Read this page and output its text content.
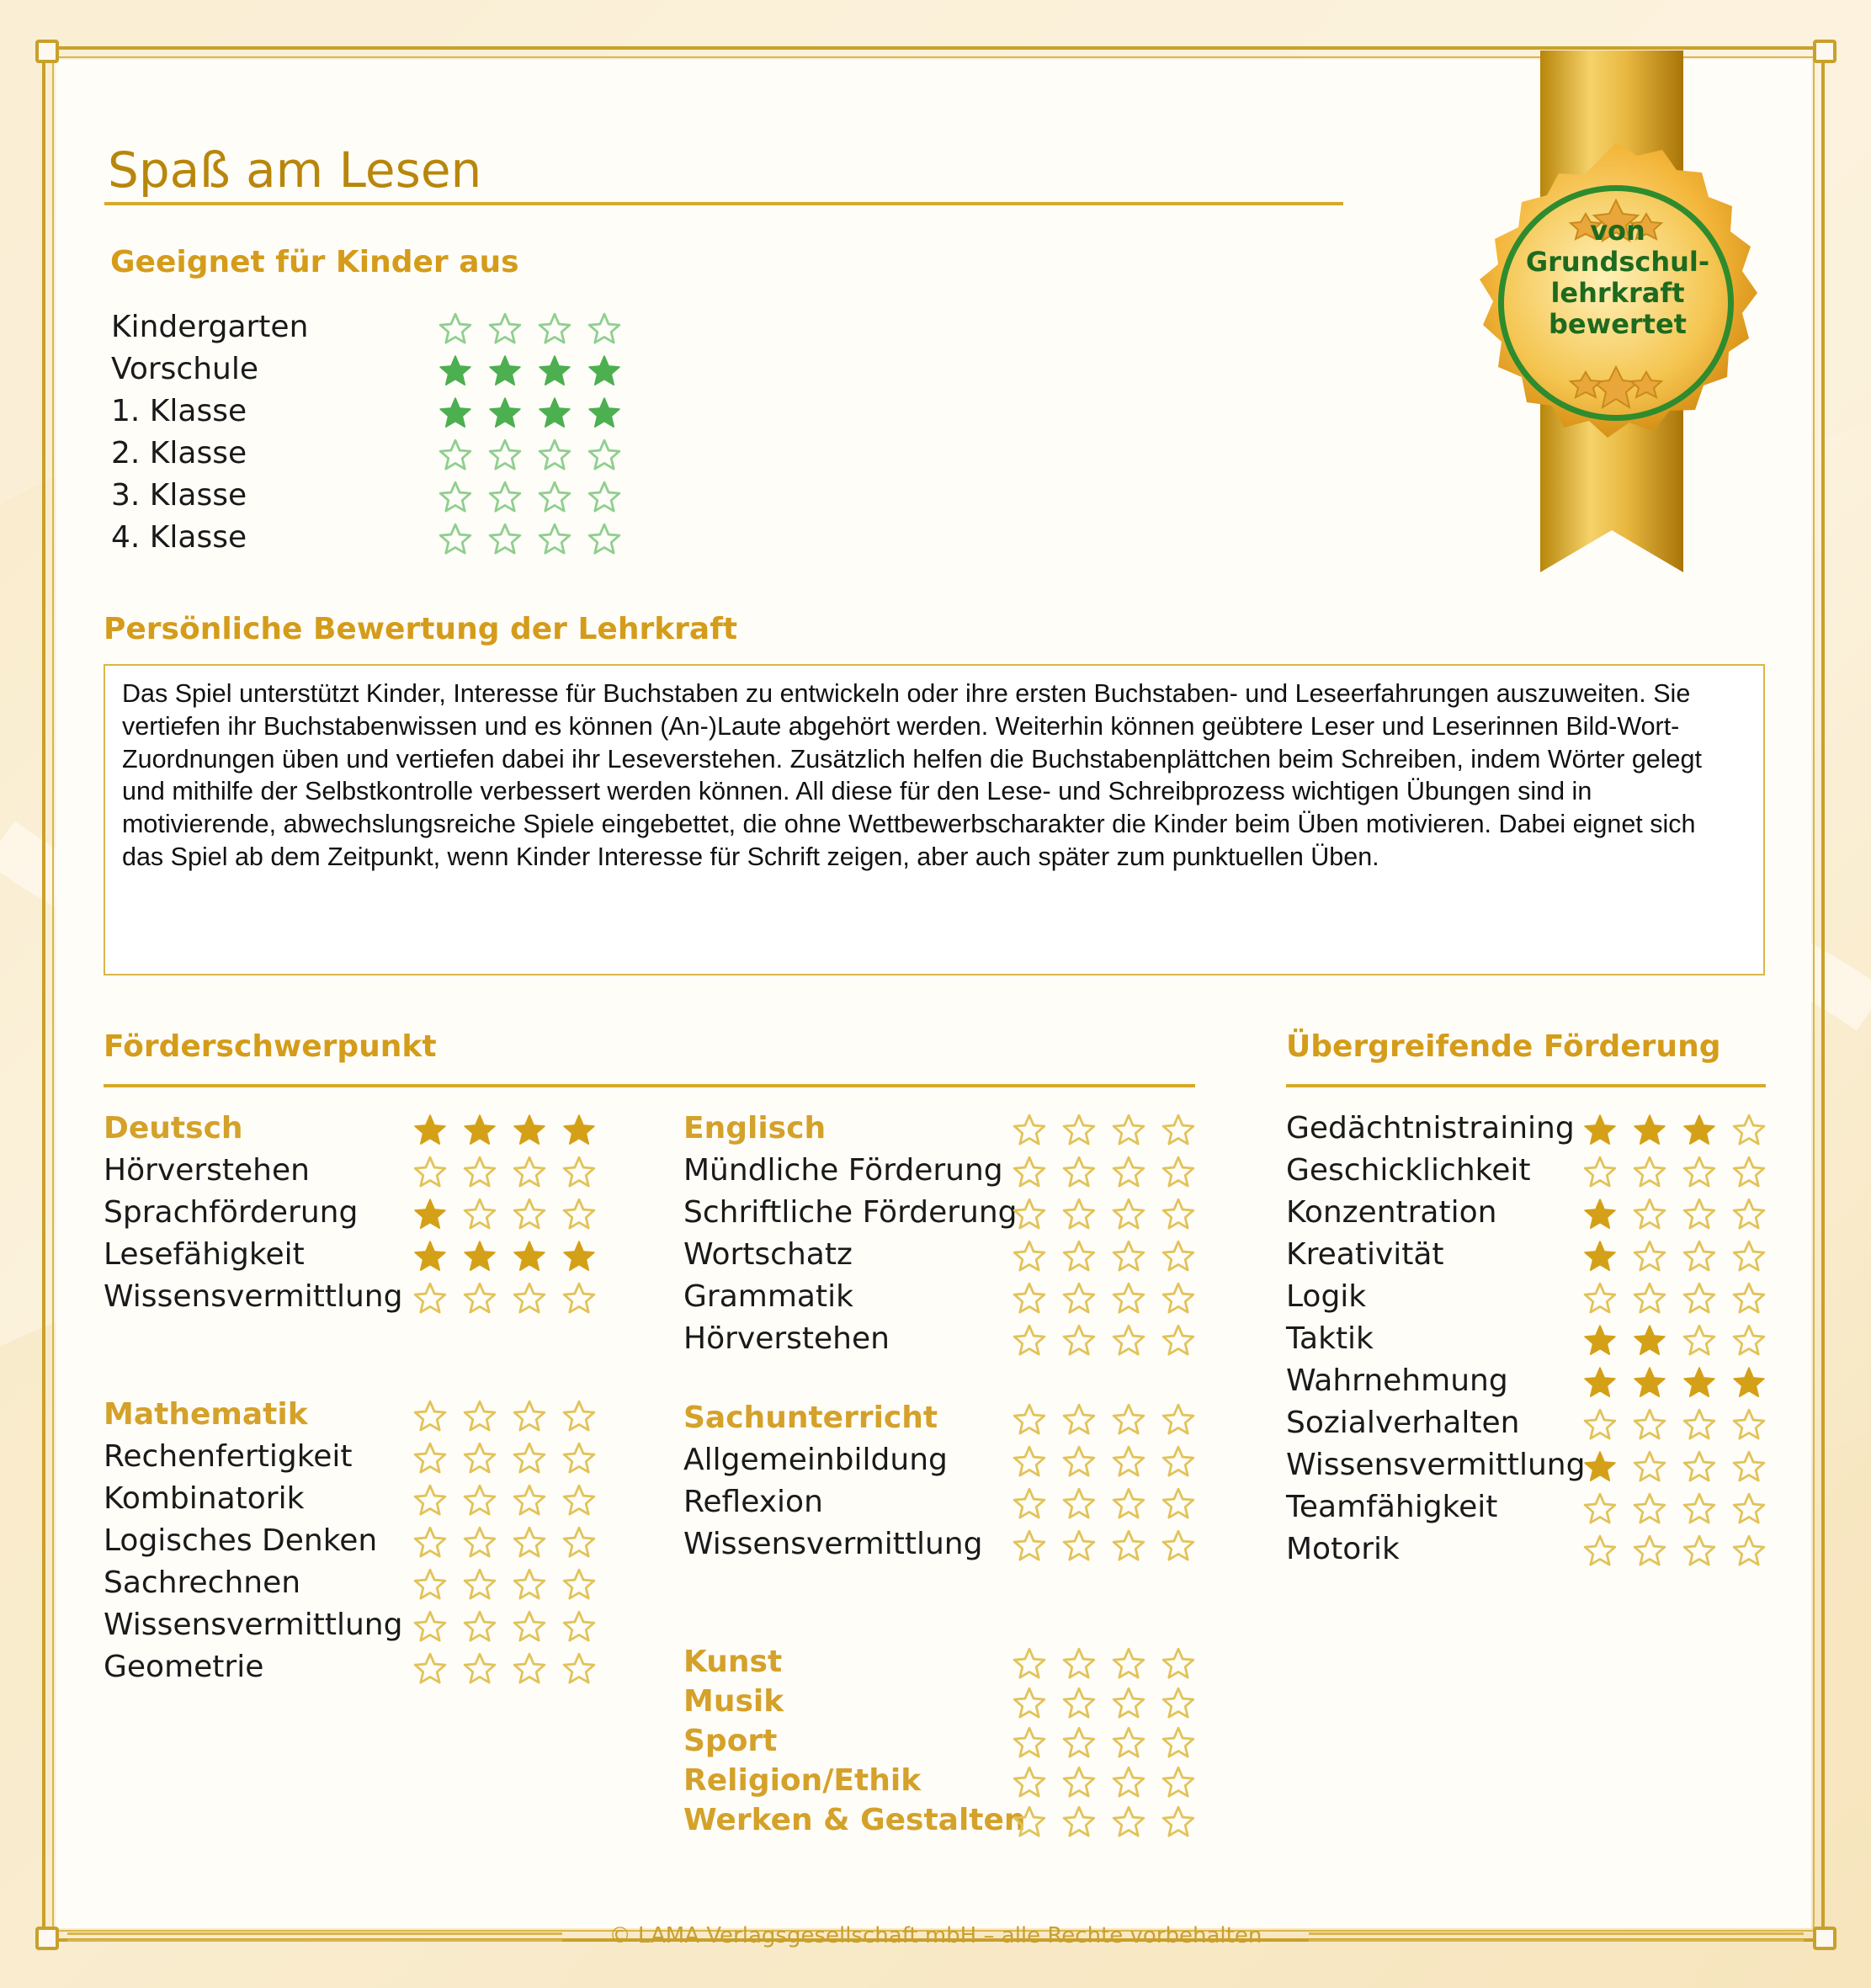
Spaß am Lesen
von
Grundschul-
lehrkraft
bewertet
Geeignet für Kinder aus
Kindergarten
Vorschule
1. Klasse
2. Klasse
3. Klasse
4. Klasse
Persönliche Bewertung der Lehrkraft
Das Spiel unterstützt Kinder, Interesse für Buchstaben zu entwickeln oder ihre ersten Buchstaben- und Leseerfahrungen auszuweiten. Sie vertiefen ihr Buchstabenwissen und es können (An-)Laute abgehört werden. Weiterhin können geübtere Leser und Leserinnen Bild-Wort-Zuordnungen üben und vertiefen dabei ihr Leseverstehen. Zusätzlich helfen die Buchstabenplättchen beim Schreiben, indem Wörter gelegt und mithilfe der Selbstkontrolle verbessert werden können. All diese für den Lese- und Schreibprozess wichtigen Übungen sind in motivierende, abwechslungsreiche Spiele eingebettet, die ohne Wettbewerbscharakter die Kinder beim Üben motivieren. Dabei eignet sich das Spiel ab dem Zeitpunkt, wenn Kinder Interesse für Schrift zeigen, aber auch später zum punktuellen Üben.
Förderschwerpunkt	Übergreifende Förderung
Deutsch
Hörverstehen
Sprachförderung
Lesefähigkeit
Wissensvermittlung
Mathematik
Rechenfertigkeit
Kombinatorik
Logisches Denken
Sachrechnen
Wissensvermittlung
Geometrie
Englisch
Mündliche Förderung
Schriftliche Förderung
Wortschatz
Grammatik
Hörverstehen
Sachunterricht
Allgemeinbildung
Reflexion
Wissensvermittlung
Kunst
Musik
Sport
Religion/Ethik
Werken & Gestalten
Gedächtnistraining
Geschicklichkeit
Konzentration
Kreativität
Logik
Taktik
Wahrnehmung
Sozialverhalten
Wissensvermittlung
Teamfähigkeit
Motorik
© LAMA Verlagsgesellschaft mbH – alle Rechte vorbehalten
